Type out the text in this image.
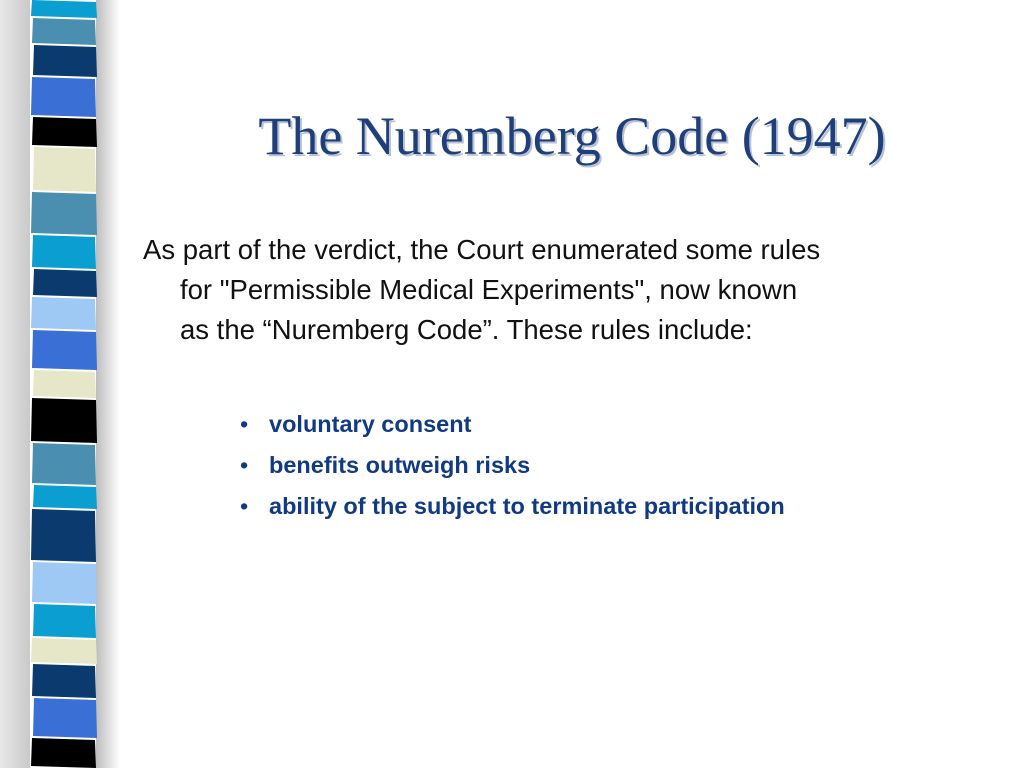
The Nuremberg Code (1947)
As part of the verdict, the Court enumerated some rules
for "Permissible Medical Experiments", now known
as the “Nuremberg Code”. These rules include:
• voluntary consent
• benefits outweigh risks
• ability of the subject to terminate participation
